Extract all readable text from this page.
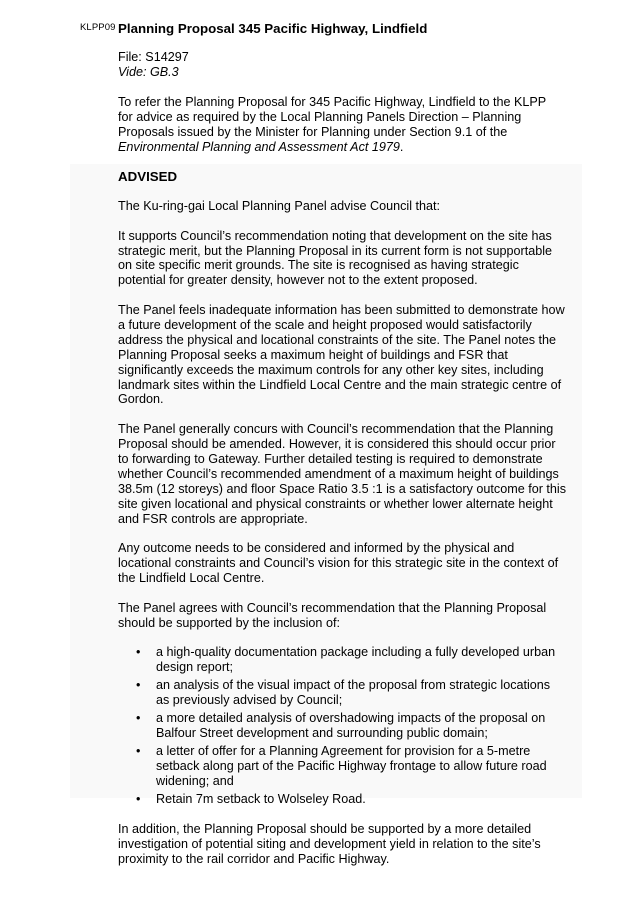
KLPP09 Planning Proposal 345 Pacific Highway, Lindfield
File: S14297
Vide: GB.3

To refer the Planning Proposal for 345 Pacific Highway, Lindfield to the KLPP for advice as required by the Local Planning Panels Direction – Planning Proposals issued by the Minister for Planning under Section 9.1 of the Environmental Planning and Assessment Act 1979.

ADVISED

The Ku-ring-gai Local Planning Panel advise Council that:

It supports Council’s recommendation noting that development on the site has strategic merit, but the Planning Proposal in its current form is not supportable on site specific merit grounds. The site is recognised as having strategic potential for greater density, however not to the extent proposed.

The Panel feels inadequate information has been submitted to demonstrate how a future development of the scale and height proposed would satisfactorily address the physical and locational constraints of the site. The Panel notes the Planning Proposal seeks a maximum height of buildings and FSR that significantly exceeds the maximum controls for any other key sites, including landmark sites within the Lindfield Local Centre and the main strategic centre of Gordon.

The Panel generally concurs with Council’s recommendation that the Planning Proposal should be amended. However, it is considered this should occur prior to forwarding to Gateway. Further detailed testing is required to demonstrate whether Council’s recommended amendment of a maximum height of buildings 38.5m (12 storeys) and floor Space Ratio 3.5 :1 is a satisfactory outcome for this site given locational and physical constraints or whether lower alternate height and FSR controls are appropriate.

Any outcome needs to be considered and informed by the physical and locational constraints and Council’s vision for this strategic site in the context of the Lindfield Local Centre.

The Panel agrees with Council’s recommendation that the Planning Proposal should be supported by the inclusion of:

• a high-quality documentation package including a fully developed urban design report;
• an analysis of the visual impact of the proposal from strategic locations as previously advised by Council;
• a more detailed analysis of overshadowing impacts of the proposal on Balfour Street development and surrounding public domain;
• a letter of offer for a Planning Agreement for provision for a 5-metre setback along part of the Pacific Highway frontage to allow future road widening; and
• Retain 7m setback to Wolseley Road.

In addition, the Planning Proposal should be supported by a more detailed investigation of potential siting and development yield in relation to the site’s proximity to the rail corridor and Pacific Highway.
